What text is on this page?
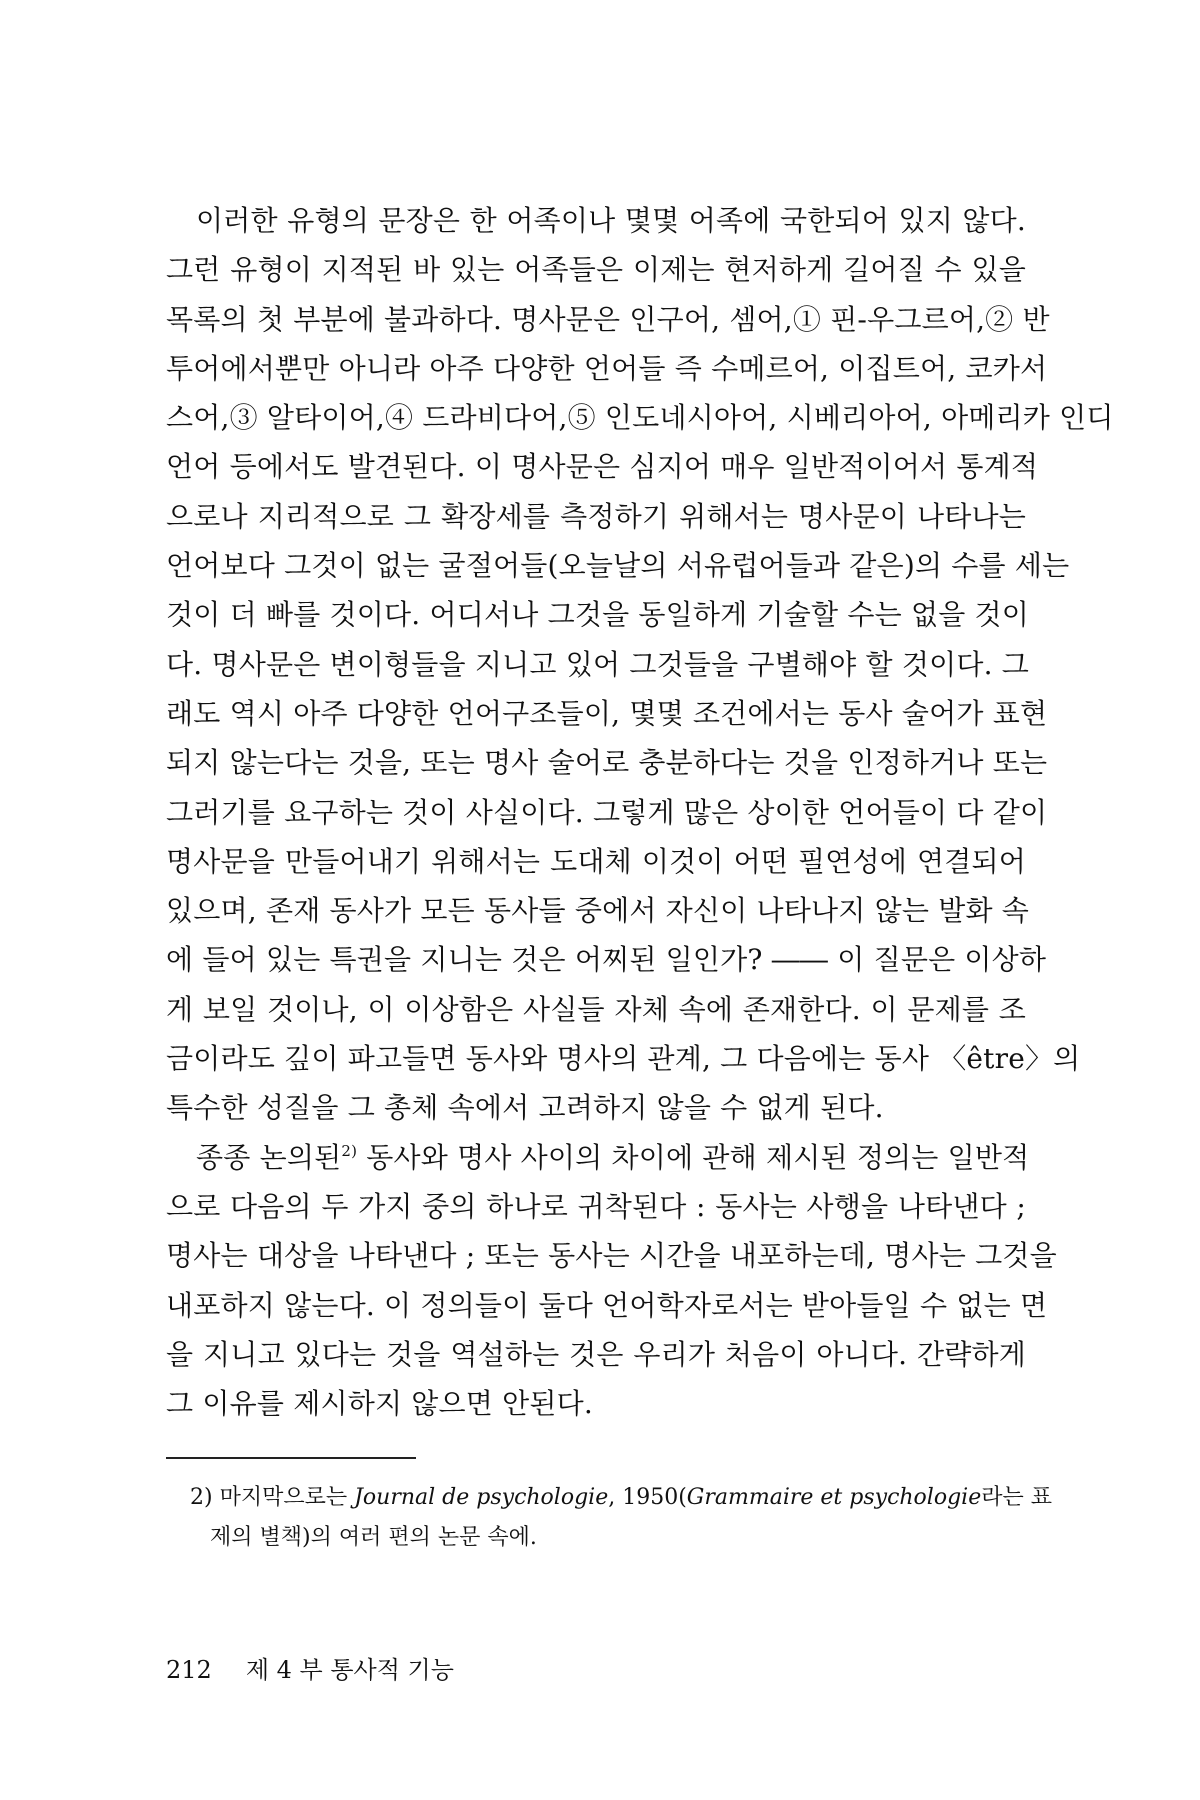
이러한 유형의 문장은 한 어족이나 몇몇 어족에 국한되어 있지 않다.
그런 유형이 지적된 바 있는 어족들은 이제는 현저하게 길어질 수 있을
목록의 첫 부분에 불과하다. 명사문은 인구어, 셈어,① 핀-우그르어,② 반
투어에서뿐만 아니라 아주 다양한 언어들 즉 수메르어, 이집트어, 코카서
스어,③ 알타이어,④ 드라비다어,⑤ 인도네시아어, 시베리아어, 아메리카 인디
언어 등에서도 발견된다. 이 명사문은 심지어 매우 일반적이어서 통계적
으로나 지리적으로 그 확장세를 측정하기 위해서는 명사문이 나타나는
언어보다 그것이 없는 굴절어들(오늘날의 서유럽어들과 같은)의 수를 세는
것이 더 빠를 것이다. 어디서나 그것을 동일하게 기술할 수는 없을 것이
다. 명사문은 변이형들을 지니고 있어 그것들을 구별해야 할 것이다. 그
래도 역시 아주 다양한 언어구조들이, 몇몇 조건에서는 동사 술어가 표현
되지 않는다는 것을, 또는 명사 술어로 충분하다는 것을 인정하거나 또는
그러기를 요구하는 것이 사실이다. 그렇게 많은 상이한 언어들이 다 같이
명사문을 만들어내기 위해서는 도대체 이것이 어떤 필연성에 연결되어
있으며, 존재 동사가 모든 동사들 중에서 자신이 나타나지 않는 발화 속
에 들어 있는 특권을 지니는 것은 어찌된 일인가? ―― 이 질문은 이상하
게 보일 것이나, 이 이상함은 사실들 자체 속에 존재한다. 이 문제를 조
금이라도 깊이 파고들면 동사와 명사의 관계, 그 다음에는 동사 〈être〉의
특수한 성질을 그 총체 속에서 고려하지 않을 수 없게 된다.
종종 논의된$^{2)}$ 동사와 명사 사이의 차이에 관해 제시된 정의는 일반적
으로 다음의 두 가지 중의 하나로 귀착된다 : 동사는 사행을 나타낸다 ;
명사는 대상을 나타낸다 ; 또는 동사는 시간을 내포하는데, 명사는 그것을
내포하지 않는다. 이 정의들이 둘다 언어학자로서는 받아들일 수 없는 면
을 지니고 있다는 것을 역설하는 것은 우리가 처음이 아니다. 간략하게
그 이유를 제시하지 않으면 안된다.
2) 마지막으로는 Journal de psychologie, 1950(Grammaire et psychologie라는 표
제의 별책)의 여러 편의 논문 속에.
212 제 4 부 통사적 기능
